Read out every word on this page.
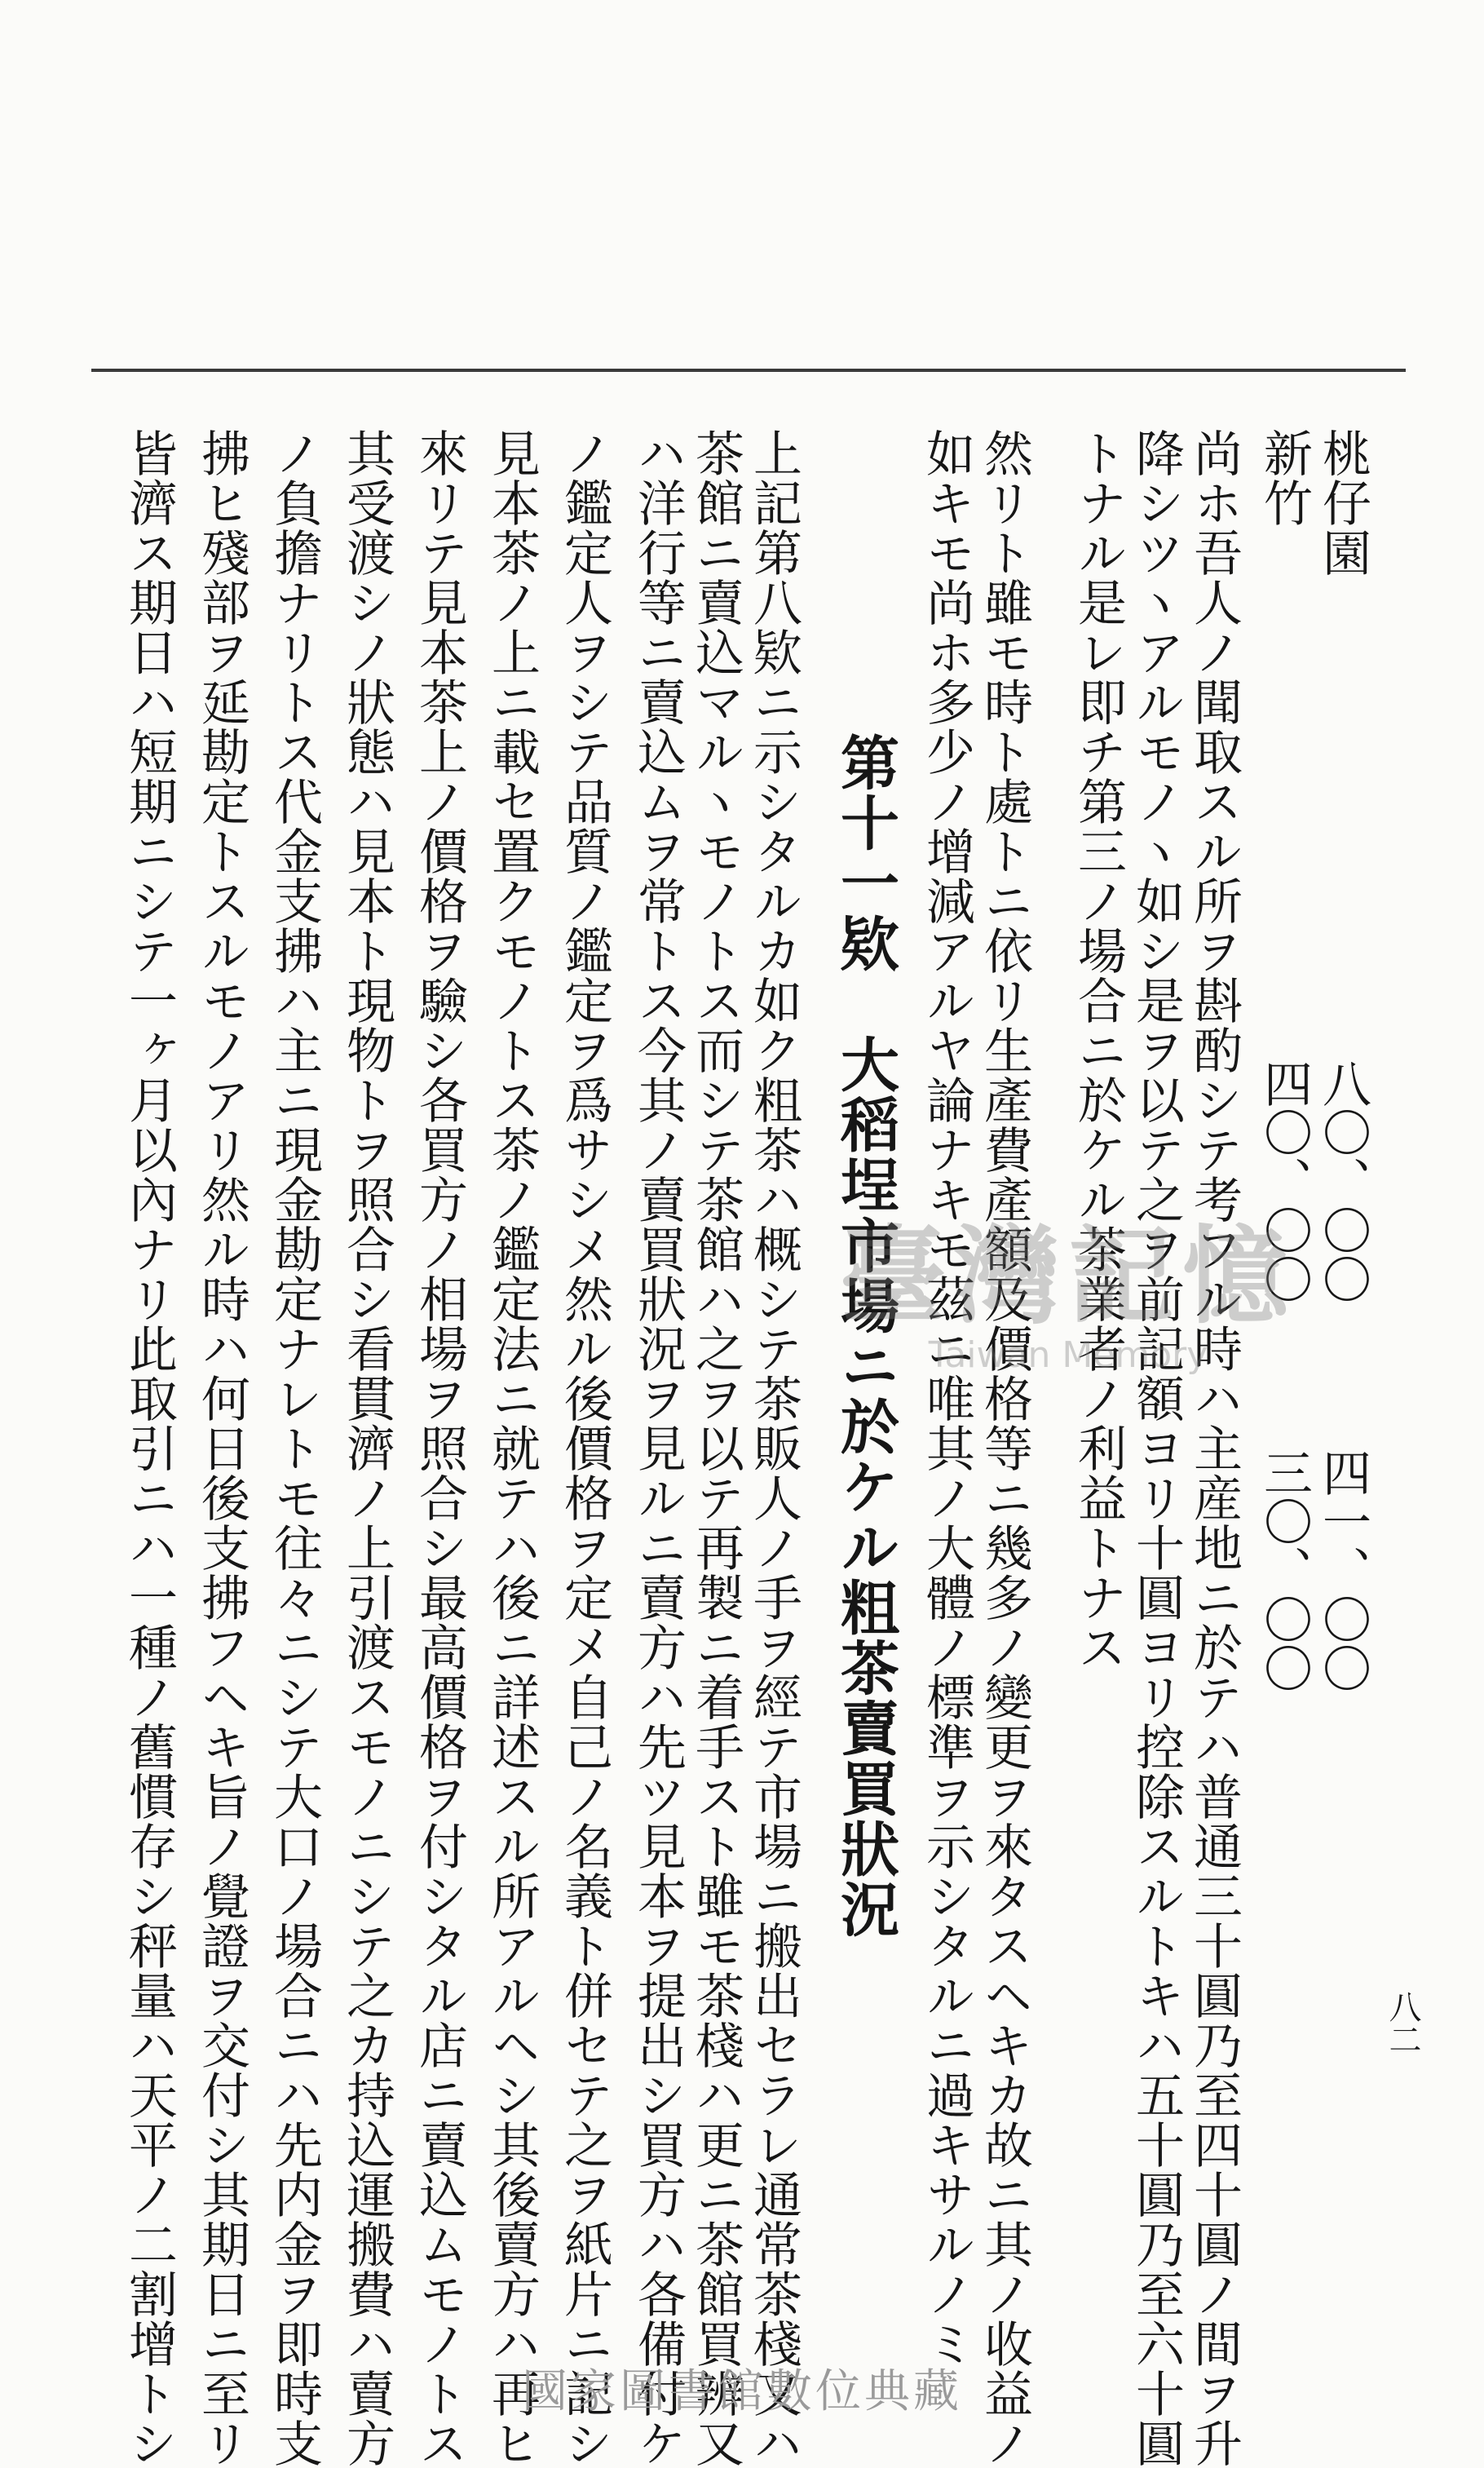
八二
桃仔園
新竹
八〇、〇〇
四〇、〇〇
四一、〇〇
三〇、〇〇
尚ホ吾人ノ聞取スル所ヲ斟酌シテ考フル時ハ主産地ニ於テハ普通三十圓乃至四十圓ノ間ヲ升
降シツヽアルモノヽ如シ是ヲ以テ之ヲ前記額ヨリ十圓ヨリ控除スルトキハ五十圓乃至六十圓
トナル是レ即チ第三ノ場合ニ於ケル茶業者ノ利益トナス
然リト雖モ時ト處トニ依リ生產費產額及價格等ニ幾多ノ變更ヲ來タスヘキカ故ニ其ノ收益ノ
如キモ尚ホ多少ノ增減アルヤ論ナキモ茲ニ唯其ノ大體ノ標準ヲ示シタルニ過キサルノミ
第十一欵　大稻埕市場ニ於ケル粗茶賣買狀況
上記第八欵ニ示シタルカ如ク粗茶ハ概シテ茶販人ノ手ヲ經テ市場ニ搬出セラレ通常茶棧又ハ
茶館ニ賣込マルヽモノトス而シテ茶館ハ之ヲ以テ再製ニ着手スト雖モ茶棧ハ更ニ茶館買辨又
ハ洋行等ニ賣込ムヲ常トス今其ノ賣買狀況ヲ見ルニ賣方ハ先ツ見本ヲ提出シ買方ハ各備付ケ
ノ鑑定人ヲシテ品質ノ鑑定ヲ爲サシメ然ル後價格ヲ定メ自己ノ名義ト併セテ之ヲ紙片ニ記シ
見本茶ノ上ニ載セ置クモノトス茶ノ鑑定法ニ就テハ後ニ詳述スル所アルヘシ其後賣方ハ再ヒ
來リテ見本茶上ノ價格ヲ驗シ各買方ノ相場ヲ照合シ最高價格ヲ付シタル店ニ賣込ムモノトス
其受渡シノ狀態ハ見本ト現物トヲ照合シ看貫濟ノ上引渡スモノニシテ之カ持込運搬費ハ賣方
ノ負擔ナリトス代金支拂ハ主ニ現金勘定ナレトモ往々ニシテ大口ノ場合ニハ先内金ヲ即時支
拂ヒ殘部ヲ延勘定トスルモノアリ然ル時ハ何日後支拂フヘキ旨ノ覺證ヲ交付シ其期日ニ至リ
皆濟ス期日ハ短期ニシテ一ヶ月以內ナリ此取引ニハ一種ノ舊慣存シ秤量ハ天平ノ二割增トシ	臺灣記憶
Taiwan Memory
國家圖書館數位典藏
